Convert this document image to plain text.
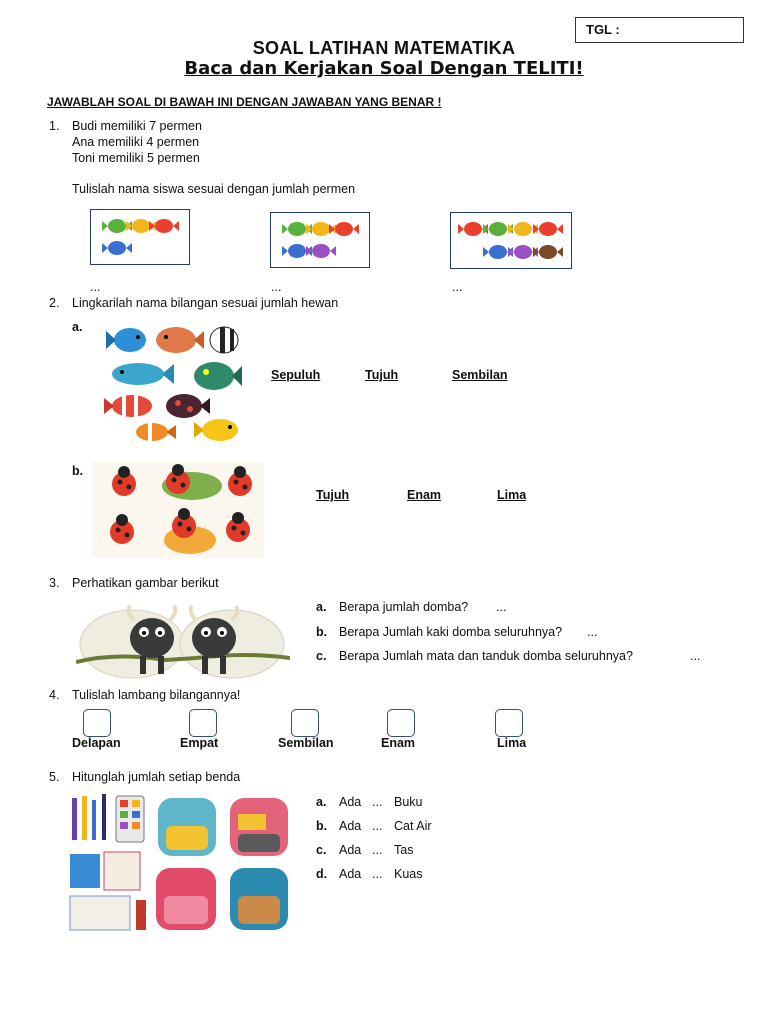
TGL :
SOAL LATIHAN MATEMATIKA
Baca dan Kerjakan Soal Dengan TELITI!
JAWABLAH SOAL DI BAWAH INI DENGAN JAWABAN YANG BENAR !
1. Budi memiliki 7 permen
Ana memiliki 4 permen
Toni memiliki 5 permen
Tulislah nama siswa sesuai dengan jumlah permen
...	...	...
2. Lingkarilah nama bilangan sesuai jumlah hewan
a.
Sepuluh	Tujuh	Sembilan
b.
Tujuh	Enam	Lima
3. Perhatikan gambar berikut
a. Berapa jumlah domba? ...
b. Berapa Jumlah kaki domba seluruhnya? ...
c. Berapa Jumlah mata dan tanduk domba seluruhnya?	...
4. Tulislah lambang bilangannya!
Delapan	Empat	Sembilan	Enam	Lima
5. Hitunglah jumlah setiap benda
a. Ada ... Buku
b. Ada ... Cat Air
c. Ada ... Tas
d. Ada ... Kuas
